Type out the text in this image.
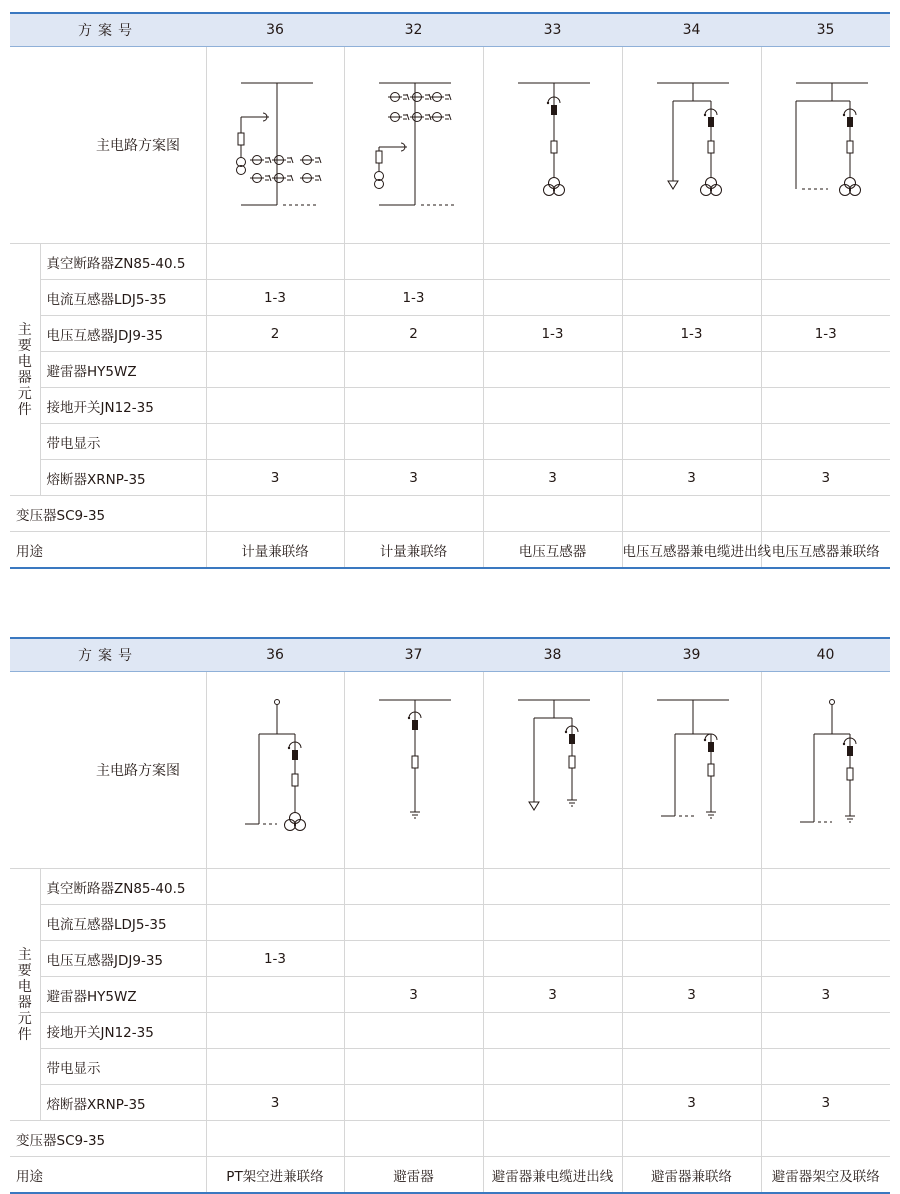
方案号		36	32	33	34	35
主电路方案图	

主要电器元件	真空断路器ZN85-40.5					
	电流互感器LDJ5-35	1-3	1-3			
	电压互感器JDJ9-35	2	2	1-3	1-3	1-3
	避雷器HY5WZ					
	接地开关JN12-35					
	带电显示					
	熔断器XRNP-35	3	3	3	3	3
变压器SC9-35						
用途		计量兼联络	计量兼联络	电压互感器	电压互感器兼电缆进出线	电压互感器兼联络
方案号		36	37	38	39	40
主电路方案图	

主要电器元件	真空断路器ZN85-40.5					
	电流互感器LDJ5-35					
	电压互感器JDJ9-35	1-3				
	避雷器HY5WZ		3	3	3	3
	接地开关JN12-35					
	带电显示					
	熔断器XRNP-35	3			3	3
变压器SC9-35						
用途		PT架空进兼联络	避雷器	避雷器兼电缆进出线	避雷器兼联络	避雷器架空及联络
